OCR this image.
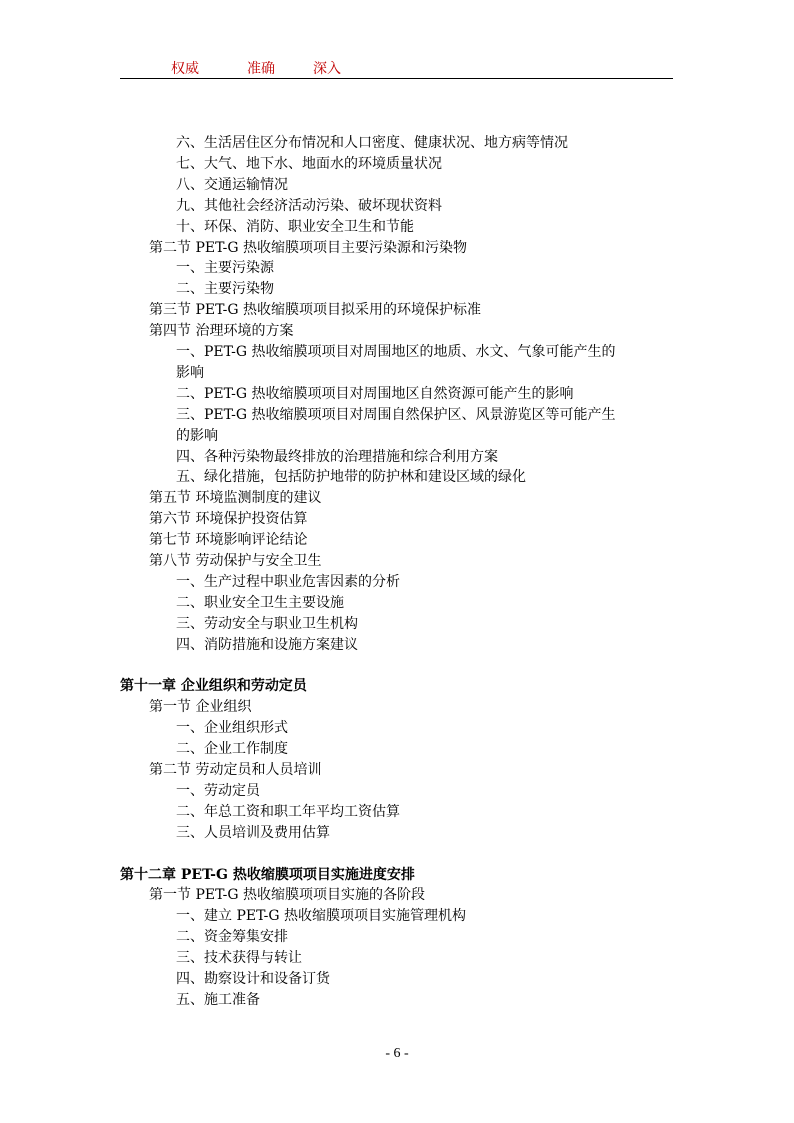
权威	准确	深入
六、生活居住区分布情况和人口密度、健康状况、地方病等情况
七、大气、地下水、地面水的环境质量状况
八、交通运输情况
九、其他社会经济活动污染、破坏现状资料
十、环保、消防、职业安全卫生和节能
第二节 PET-G 热收缩膜项项目主要污染源和污染物
一、主要污染源
二、主要污染物
第三节 PET-G 热收缩膜项项目拟采用的环境保护标准
第四节 治理环境的方案
一、PET-G 热收缩膜项项目对周围地区的地质、水文、气象可能产生的
影响
二、PET-G 热收缩膜项项目对周围地区自然资源可能产生的影响
三、PET-G 热收缩膜项项目对周围自然保护区、风景游览区等可能产生
的影响
四、各种污染物最终排放的治理措施和综合利用方案
五、绿化措施，包括防护地带的防护林和建设区域的绿化
第五节 环境监测制度的建议
第六节 环境保护投资估算
第七节 环境影响评论结论
第八节 劳动保护与安全卫生
一、生产过程中职业危害因素的分析
二、职业安全卫生主要设施
三、劳动安全与职业卫生机构
四、消防措施和设施方案建议
第十一章 企业组织和劳动定员
第一节 企业组织
一、企业组织形式
二、企业工作制度
第二节 劳动定员和人员培训
一、劳动定员
二、年总工资和职工年平均工资估算
三、人员培训及费用估算
第十二章 PET-G 热收缩膜项项目实施进度安排
第一节 PET-G 热收缩膜项项目实施的各阶段
一、建立 PET-G 热收缩膜项项目实施管理机构
二、资金筹集安排
三、技术获得与转让
四、勘察设计和设备订货
五、施工准备
- 6 -
